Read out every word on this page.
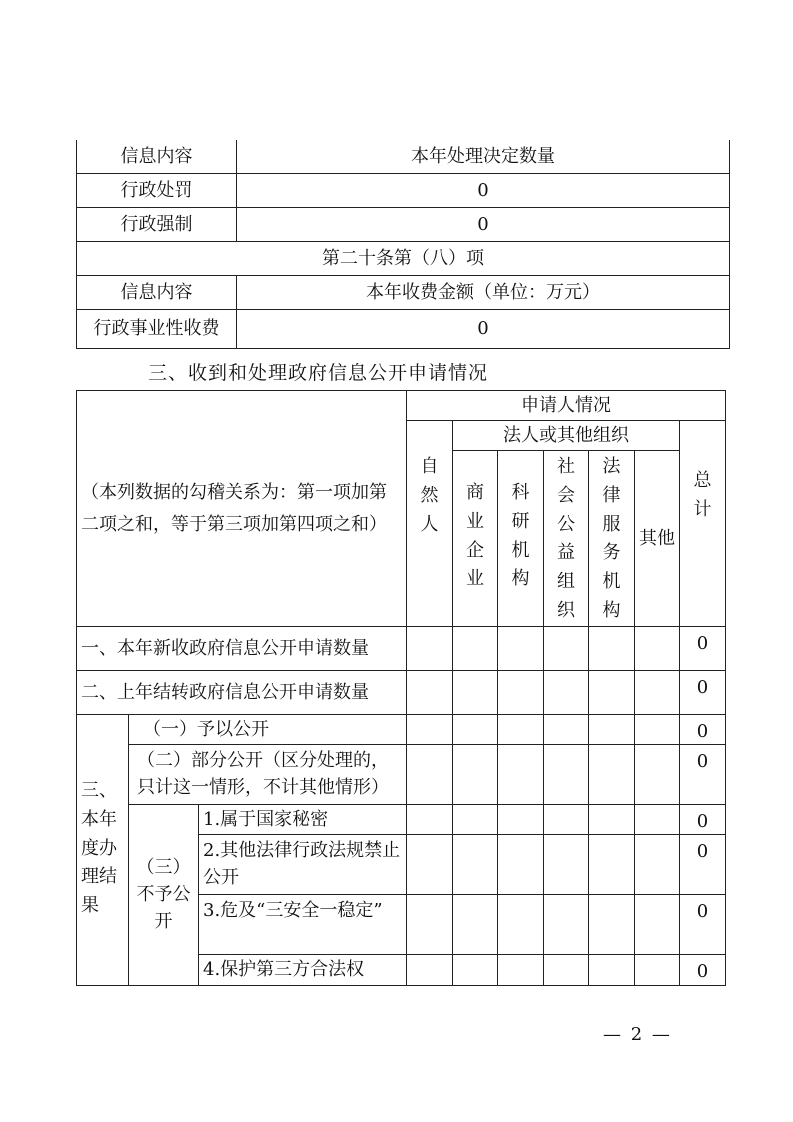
信息内容	本年处理决定数量
行政处罚	0
行政强制	0
第二十条第（八）项	
信息内容	本年收费金额（单位：万元）
行政事业性收费	0
三、收到和处理政府信息公开申请情况
（本列数据的勾稽关系为：第一项加第二项之和，等于第三项加第四项之和）			申请人情况						
			自然人	法人或其他组织					总计
				商业企业	科研机构	社会公益组织	法律服务机构	其他	
一、本年新收政府信息公开申请数量									0
二、上年结转政府信息公开申请数量									0
三、本年度办理结果	（一）予以公开								0
	（二）部分公开（区分处理的，只计这一情形，不计其他情形）								0
	（三）不予公开	1.属于国家秘密							0
		2.其他法律行政法规禁止公开							0
		3.危及“三安全一稳定”							0
		4.保护第三方合法权							0
— 2 —
